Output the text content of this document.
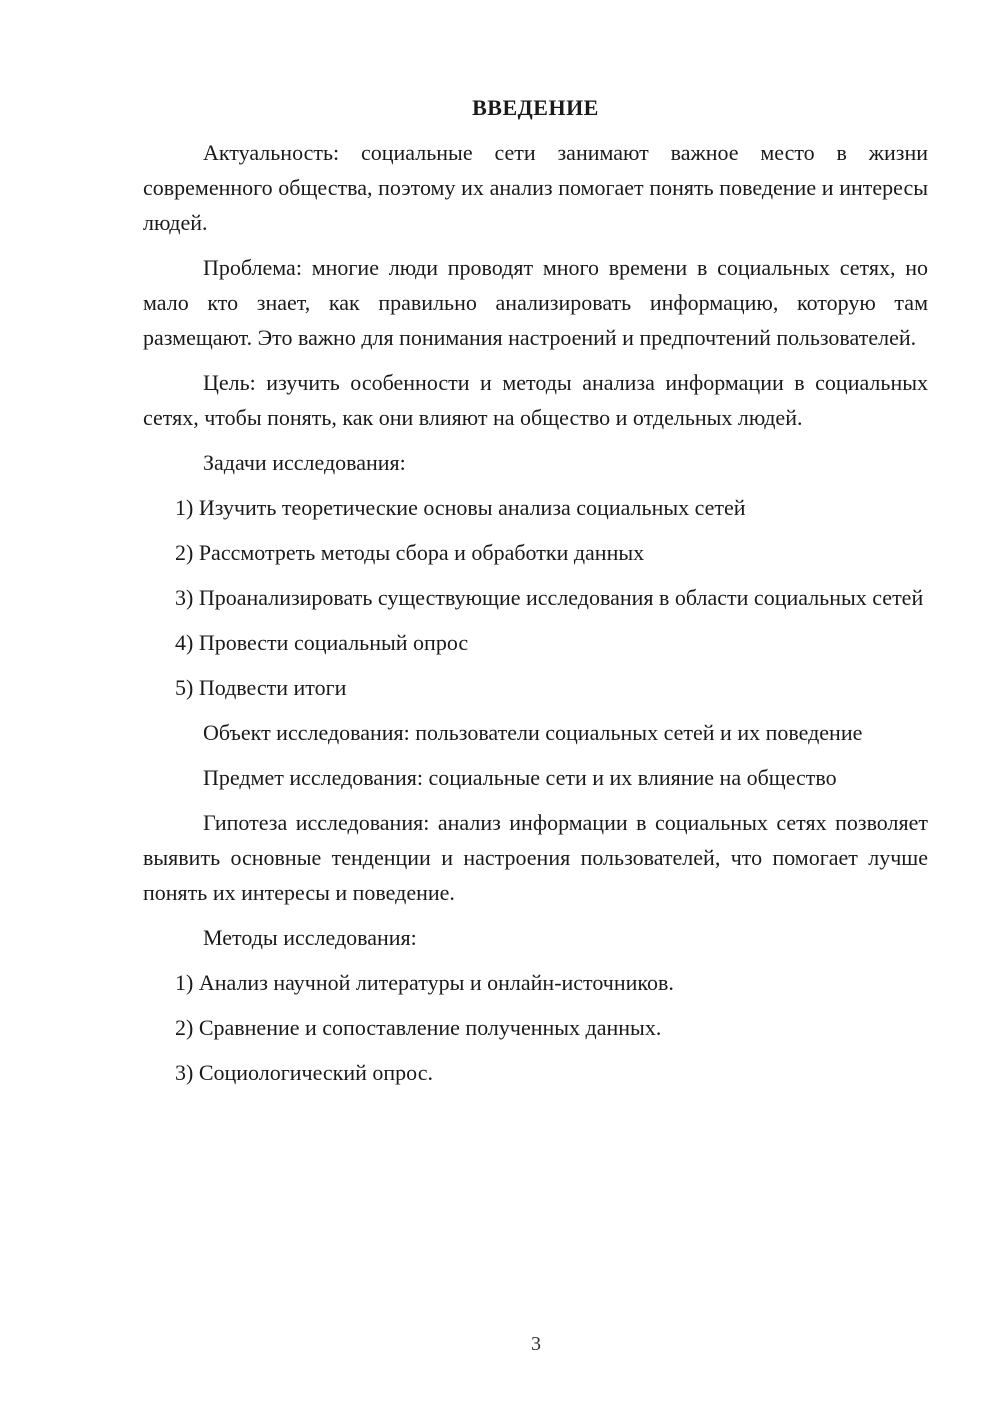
ВВЕДЕНИЕ

Актуальность: социальные сети занимают важное место в жизни современного общества, поэтому их анализ помогает понять поведение и интересы людей.

Проблема: многие люди проводят много времени в социальных сетях, но мало кто знает, как правильно анализировать информацию, которую там размещают. Это важно для понимания настроений и предпочтений пользователей.

Цель: изучить особенности и методы анализа информации в социальных сетях, чтобы понять, как они влияют на общество и отдельных людей.

Задачи исследования:

1) Изучить теоретические основы анализа социальных сетей

2) Рассмотреть методы сбора и обработки данных

3) Проанализировать существующие исследования в области социальных сетей

4) Провести социальный опрос

5) Подвести итоги

Объект исследования: пользователи социальных сетей и их поведение

Предмет исследования: социальные сети и их влияние на общество

Гипотеза исследования: анализ информации в социальных сетях позволяет выявить основные тенденции и настроения пользователей, что помогает лучше понять их интересы и поведение.

Методы исследования:

1) Анализ научной литературы и онлайн-источников.

2) Сравнение и сопоставление полученных данных.

3) Социологический опрос.

3
